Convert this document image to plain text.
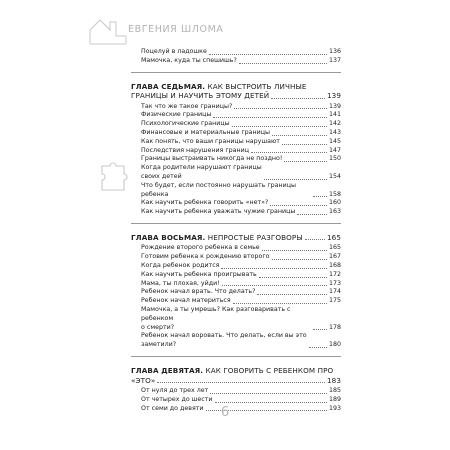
ЕВГЕНИЯ ШЛОМА
Поцелуй в ладошке	136
Мамочка, куда ты спешишь?	137
ГЛАВА СЕДЬМАЯ.
КАК ВЫСТРОИТЬ ЛИЧНЫЕ
ГРАНИЦЫ И НАУЧИТЬ ЭТОМУ ДЕТЕЙ	139
Так что же такое границы?	139
Физические границы	141
Психологические границы	142
Финансовые и материальные границы	143
Как понять, что ваши границы нарушают	145
Последствия нарушения границ	147
Границы выстраивать никогда не поздно!	150
Когда родители нарушают границы
своих детей	154
Что будет, если постоянно нарушать границы ребенка	158
Как научить ребенка говорить «нет»?	160
Как научить ребенка уважать чужие границы	163
ГЛАВА ВОСЬМАЯ.
НЕПРОСТЫЕ РАЗГОВОРЫ	165
Рождение второго ребенка в семье	165
Готовим ребенка к рождению второго	167
Когда ребенок родится	168
Как научить ребенка проигрывать	172
Мама, ты плохая, уйди!	173
Ребенок начал врать. Что делать?	174
Ребенок начал материться	175
Мамочка, а ты умрешь? Как разговаривать с ребенком
о смерти?	178
Ребенок начал воровать. Что делать, если вы это
заметили?	180
ГЛАВА ДЕВЯТАЯ.
КАК ГОВОРИТЬ С РЕБЕНКОМ ПРО
«ЭТО»	183
От нуля до трех лет	185
От четырех до шести	189
От семи до девяти	193
6
